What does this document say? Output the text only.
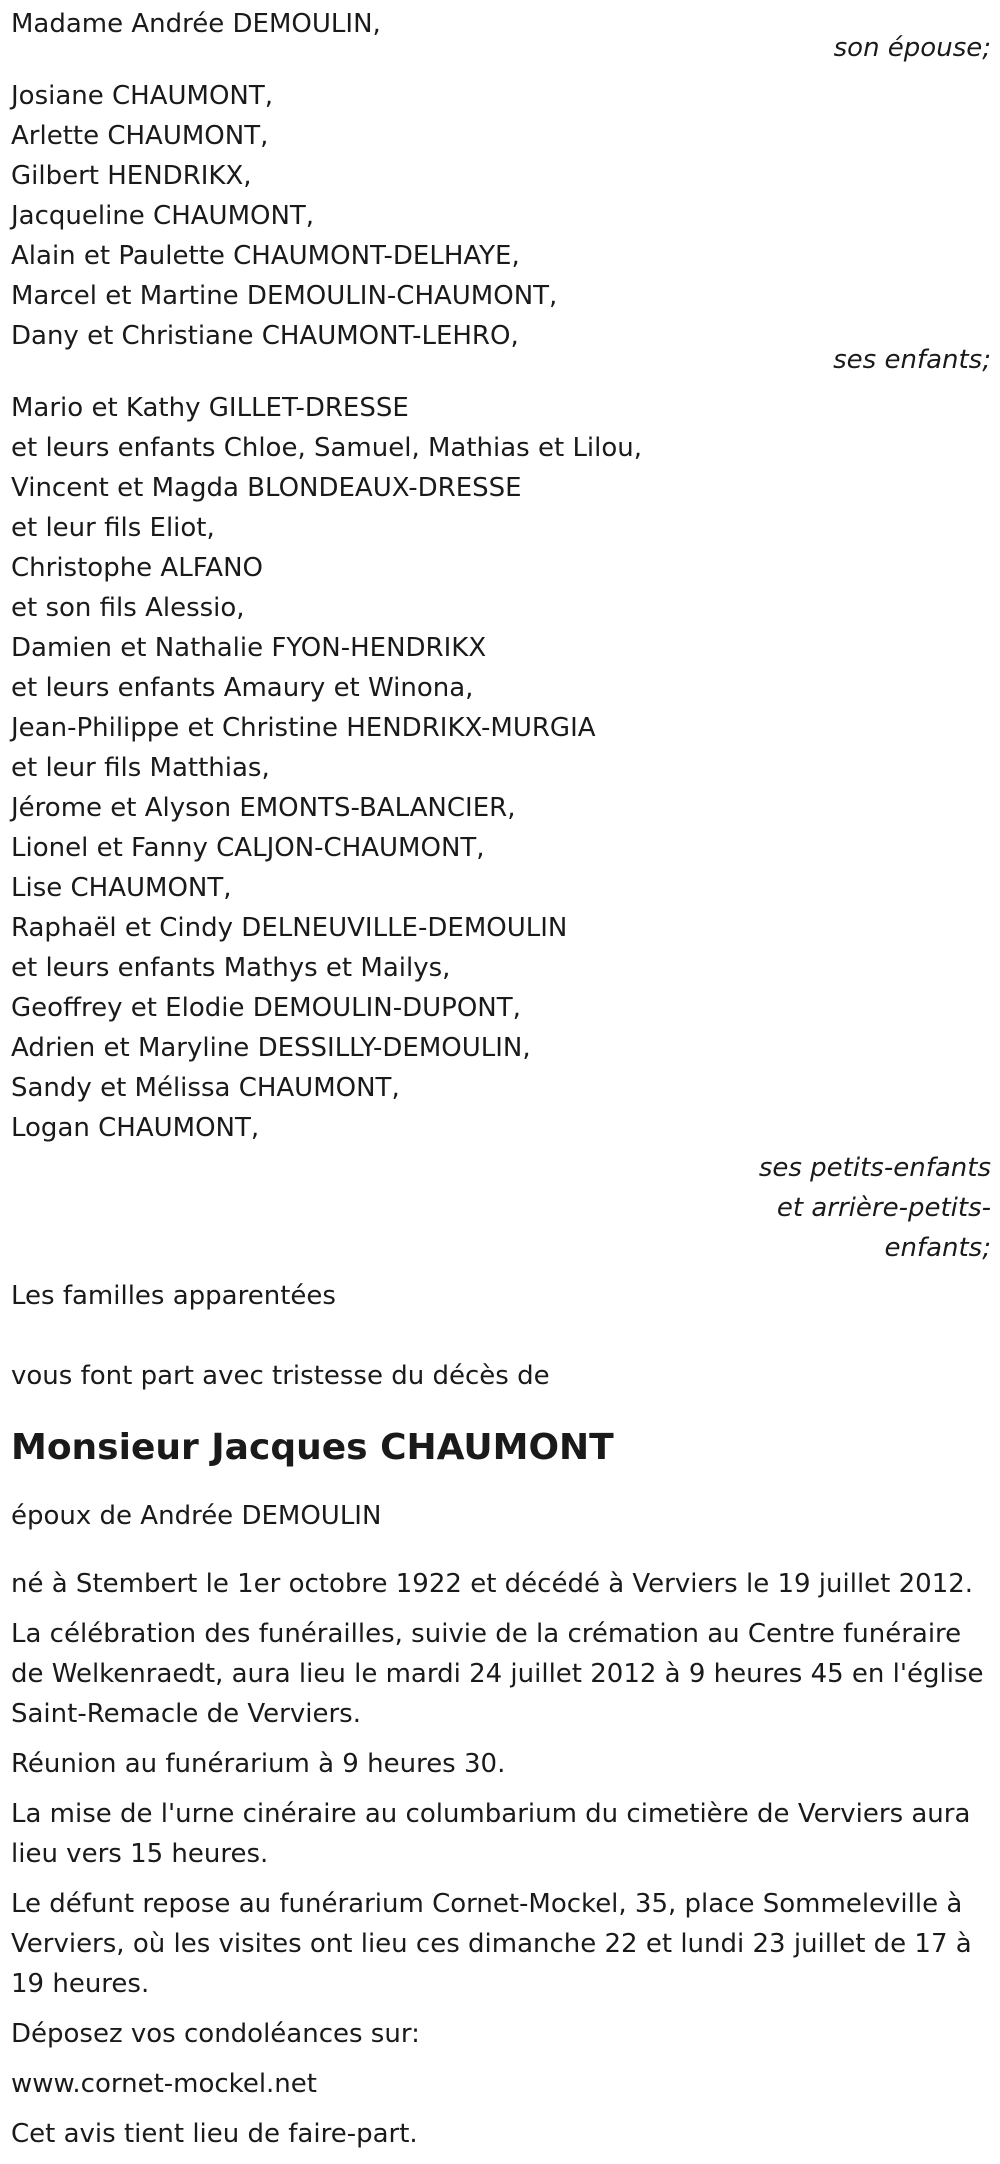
Madame Andrée DEMOULIN,
son épouse;
Josiane CHAUMONT,
Arlette CHAUMONT,
Gilbert HENDRIKX,
Jacqueline CHAUMONT,
Alain et Paulette CHAUMONT-DELHAYE,
Marcel et Martine DEMOULIN-CHAUMONT,
Dany et Christiane CHAUMONT-LEHRO,
ses enfants;
Mario et Kathy GILLET-DRESSE
et leurs enfants Chloe, Samuel, Mathias et Lilou,
Vincent et Magda BLONDEAUX-DRESSE
et leur fils Eliot,
Christophe ALFANO
et son fils Alessio,
Damien et Nathalie FYON-HENDRIKX
et leurs enfants Amaury et Winona,
Jean-Philippe et Christine HENDRIKX-MURGIA
et leur fils Matthias,
Jérome et Alyson EMONTS-BALANCIER,
Lionel et Fanny CALJON-CHAUMONT,
Lise CHAUMONT,
Raphaël et Cindy DELNEUVILLE-DEMOULIN
et leurs enfants Mathys et Mailys,
Geoffrey et Elodie DEMOULIN-DUPONT,
Adrien et Maryline DESSILLY-DEMOULIN,
Sandy et Mélissa CHAUMONT,
Logan CHAUMONT,
ses petits-enfants
et arrière-petits-
enfants;
Les familles apparentées
vous font part avec tristesse du décès de
Monsieur Jacques CHAUMONT
époux de Andrée DEMOULIN
né à Stembert le 1er octobre 1922 et décédé à Verviers le 19 juillet 2012.
La célébration des funérailles, suivie de la crémation au Centre funéraire de Welkenraedt, aura lieu le mardi 24 juillet 2012 à 9 heures 45 en l'église Saint-Remacle de Verviers.
Réunion au funérarium à 9 heures 30.
La mise de l'urne cinéraire au columbarium du cimetière de Verviers aura lieu vers 15 heures.
Le défunt repose au funérarium Cornet-Mockel, 35, place Sommeleville à Verviers, où les visites ont lieu ces dimanche 22 et lundi 23 juillet de 17 à 19 heures.
Déposez vos condoléances sur:
www.cornet-mockel.net
Cet avis tient lieu de faire-part.
